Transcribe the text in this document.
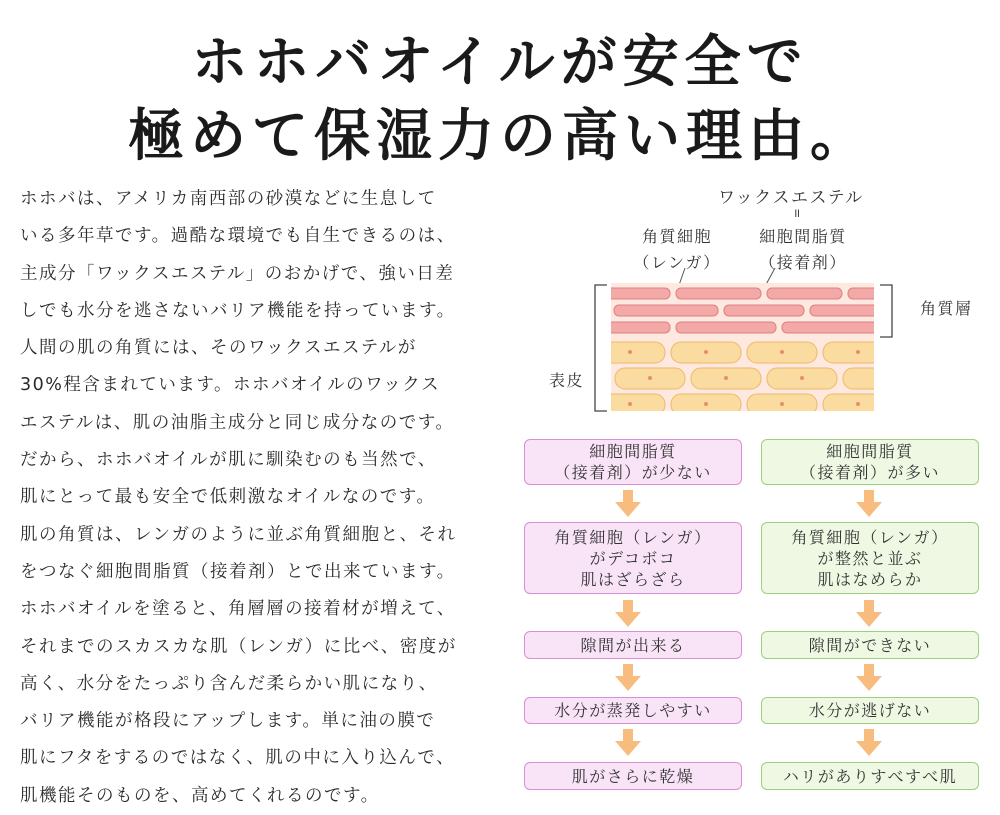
ホホバオイルが安全で
極めて保湿力の高い理由。
ホホバは、アメリカ南西部の砂漠などに生息して
いる多年草です。過酷な環境でも自生できるのは、
主成分「ワックスエステル」のおかげで、強い日差
しでも水分を逃さないバリア機能を持っています。
人間の肌の角質には、そのワックスエステルが
30%程含まれています。ホホバオイルのワックス
エステルは、肌の油脂主成分と同じ成分なのです。
だから、ホホバオイルが肌に馴染むのも当然で、
肌にとって最も安全で低刺激なオイルなのです。
肌の角質は、レンガのように並ぶ角質細胞と、それ
をつなぐ細胞間脂質（接着剤）とで出来ています。
ホホバオイルを塗ると、角層層の接着材が増えて、
それまでのスカスカな肌（レンガ）に比べ、密度が
高く、水分をたっぷり含んだ柔らかい肌になり、
バリア機能が格段にアップします。単に油の膜で
肌にフタをするのではなく、肌の中に入り込んで、
肌機能そのものを、高めてくれるのです。
ワックスエステル
॥
角質細胞
（レンガ）
細胞間脂質
（接着剤）
角質層
表皮
細胞間脂質
（接着剤）が少ない
角質細胞（レンガ）
がデコボコ
肌はざらざら
隙間が出来る
水分が蒸発しやすい
肌がさらに乾燥
細胞間脂質
（接着剤）が多い
角質細胞（レンガ）
が整然と並ぶ
肌はなめらか
隙間ができない
水分が逃げない
ハリがありすべすべ肌
